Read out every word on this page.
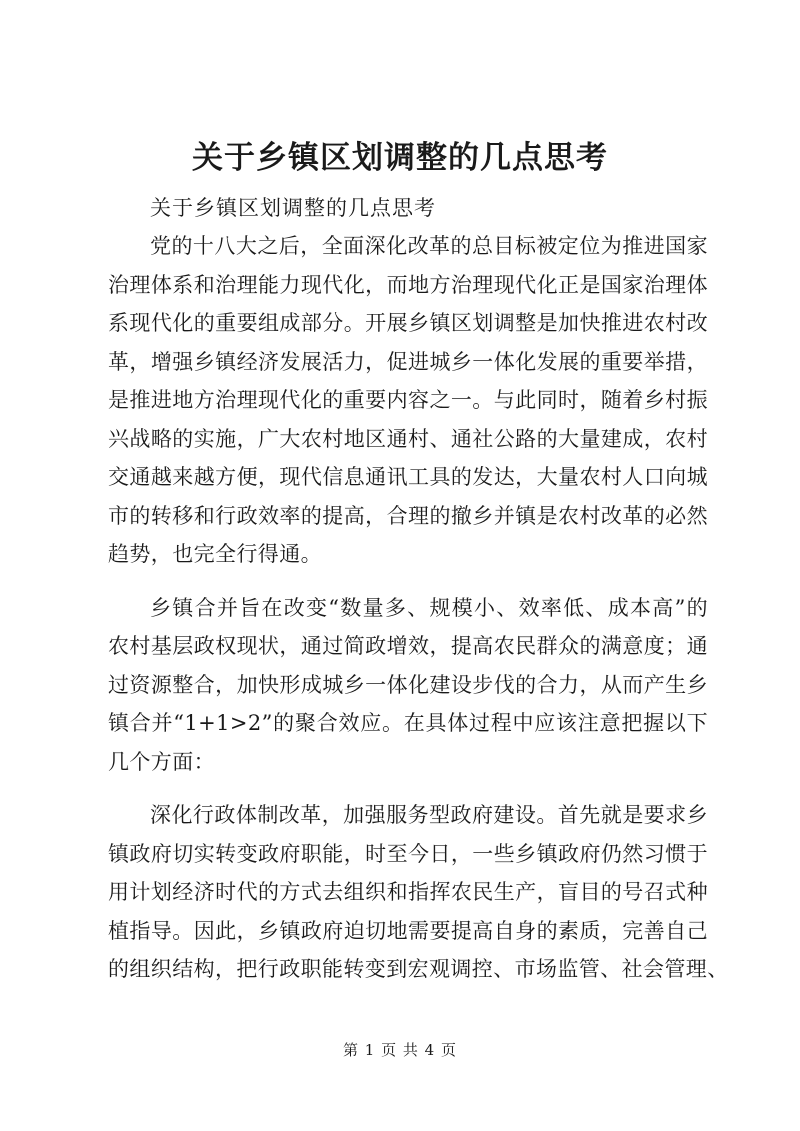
关于乡镇区划调整的几点思考
关于乡镇区划调整的几点思考
党的十八大之后，全面深化改革的总目标被定位为推进国家
治理体系和治理能力现代化，而地方治理现代化正是国家治理体
系现代化的重要组成部分。开展乡镇区划调整是加快推进农村改
革，增强乡镇经济发展活力，促进城乡一体化发展的重要举措，
是推进地方治理现代化的重要内容之一。与此同时，随着乡村振
兴战略的实施，广大农村地区通村、通社公路的大量建成，农村
交通越来越方便，现代信息通讯工具的发达，大量农村人口向城
市的转移和行政效率的提高，合理的撤乡并镇是农村改革的必然
趋势，也完全行得通。
乡镇合并旨在改变“数量多、规模小、效率低、成本高”的
农村基层政权现状，通过简政增效，提高农民群众的满意度；通
过资源整合，加快形成城乡一体化建设步伐的合力，从而产生乡
镇合并“1+1>2”的聚合效应。在具体过程中应该注意把握以下
几个方面：
深化行政体制改革，加强服务型政府建设。首先就是要求乡
镇政府切实转变政府职能，时至今日，一些乡镇政府仍然习惯于
用计划经济时代的方式去组织和指挥农民生产，盲目的号召式种
植指导。因此，乡镇政府迫切地需要提高自身的素质，完善自己
的组织结构，把行政职能转变到宏观调控、市场监管、社会管理、
第 1 页 共 4 页
